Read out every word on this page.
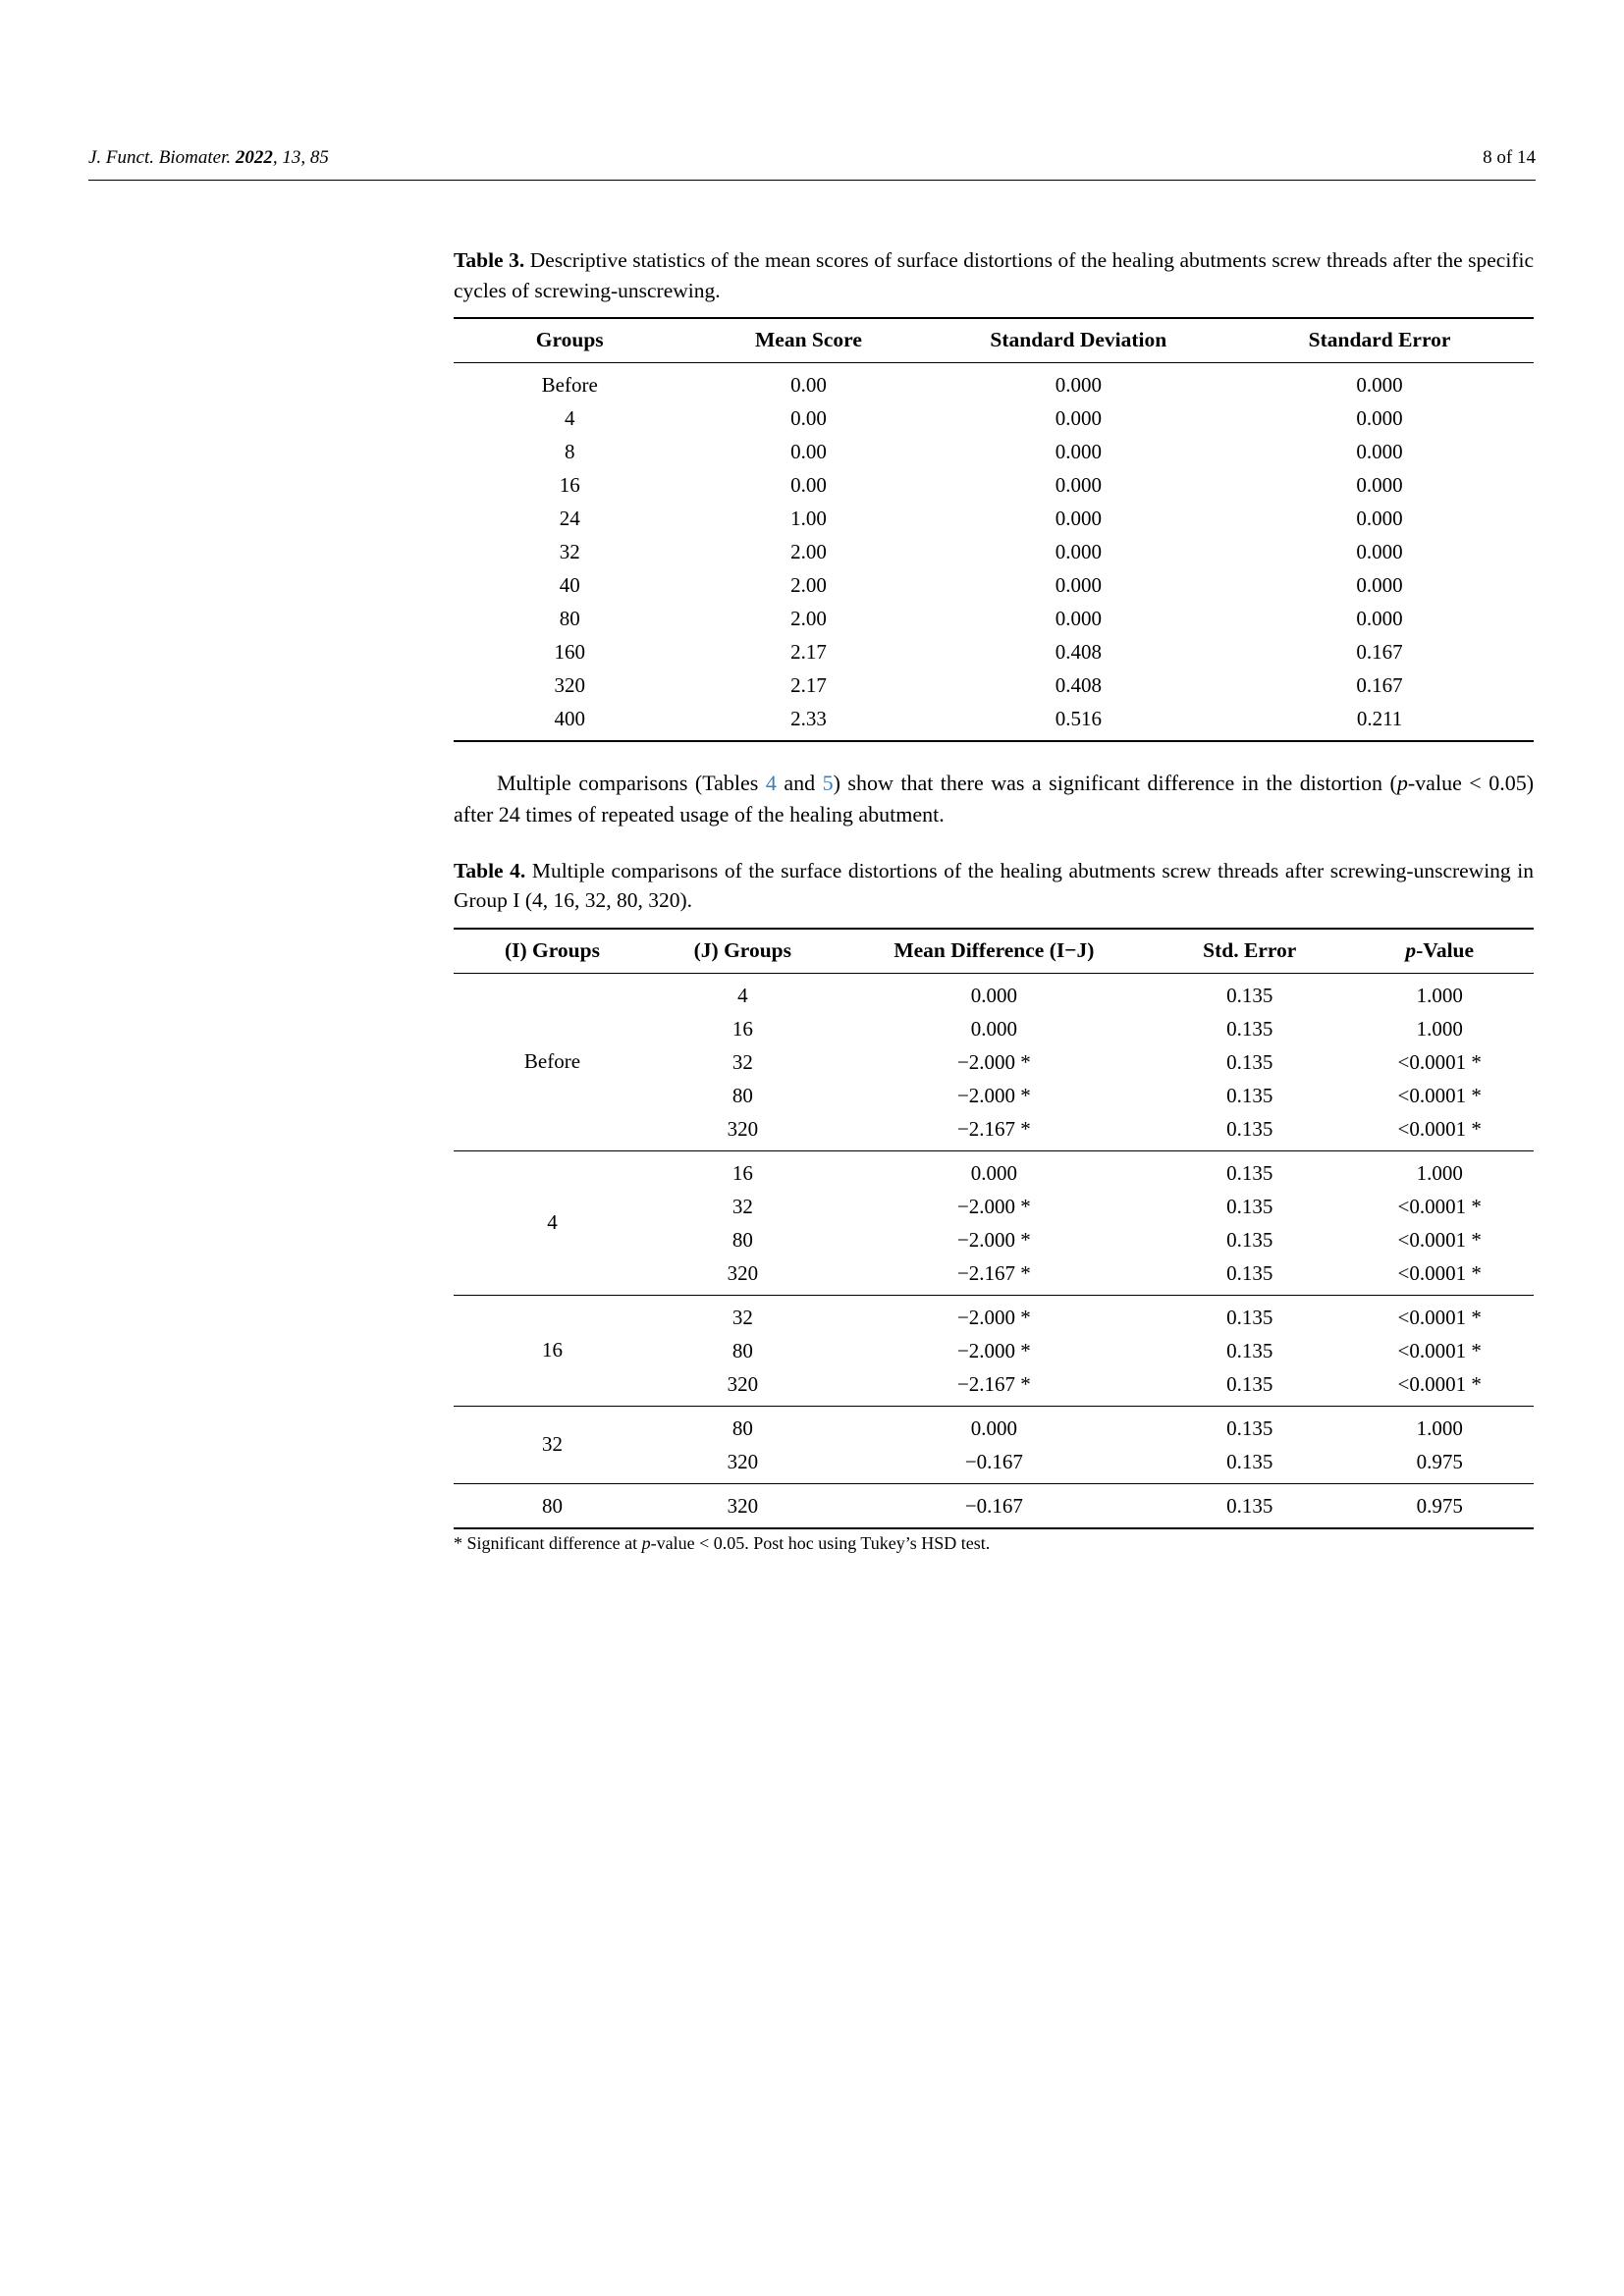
J. Funct. Biomater. 2022, 13, 85	8 of 14

Table 3. Descriptive statistics of the mean scores of surface distortions of the healing abutments screw threads after the specific cycles of screwing-unscrewing.

Groups	Mean Score	Standard Deviation	Standard Error
Before	0.00	0.000	0.000
4	0.00	0.000	0.000
8	0.00	0.000	0.000
16	0.00	0.000	0.000
24	1.00	0.000	0.000
32	2.00	0.000	0.000
40	2.00	0.000	0.000
80	2.00	0.000	0.000
160	2.17	0.408	0.167
320	2.17	0.408	0.167
400	2.33	0.516	0.211

Multiple comparisons (Tables 4 and 5) show that there was a significant difference in the distortion (p-value < 0.05) after 24 times of repeated usage of the healing abutment.

Table 4. Multiple comparisons of the surface distortions of the healing abutments screw threads after screwing-unscrewing in Group I (4, 16, 32, 80, 320).

(I) Groups	(J) Groups	Mean Difference (I−J)	Std. Error	p-Value
Before	4	0.000	0.135	1.000
	16	0.000	0.135	1.000
	32	−2.000 *	0.135	<0.0001 *
	80	−2.000 *	0.135	<0.0001 *
	320	−2.167 *	0.135	<0.0001 *
4	16	0.000	0.135	1.000
	32	−2.000 *	0.135	<0.0001 *
	80	−2.000 *	0.135	<0.0001 *
	320	−2.167 *	0.135	<0.0001 *
16	32	−2.000 *	0.135	<0.0001 *
	80	−2.000 *	0.135	<0.0001 *
	320	−2.167 *	0.135	<0.0001 *
32	80	0.000	0.135	1.000
	320	−0.167	0.135	0.975
80	320	−0.167	0.135	0.975
* Significant difference at p-value < 0.05. Post hoc using Tukey’s HSD test.
